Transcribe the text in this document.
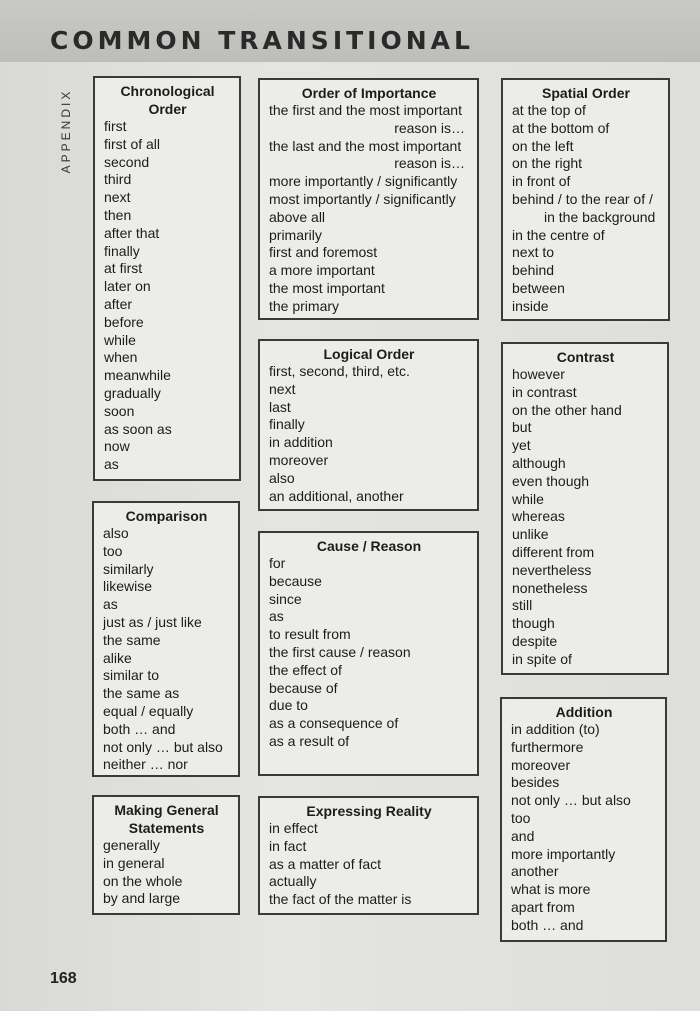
COMMON TRANSITIONAL
APPENDIX	Chronological Order
first
first of all
second
third
next
then
after that
finally
at first
later on
after
before
while
when
meanwhile
gradually
soon
as soon as
now
as
Comparison
also
too
similarly
likewise
as
just as / just like
the same
alike
similar to
the same as
equal / equally
both … and
not only … but also
neither … nor
Making General Statements
generally
in general
on the whole
by and large
Order of Importance
the first and the most important
reason is…
the last and the most important
reason is…
more importantly / significantly
most importantly / significantly
above all
primarily
first and foremost
a more important
the most important
the primary
Logical Order
first, second, third, etc.
next
last
finally
in addition
moreover
also
an additional, another
Cause / Reason
for
because
since
as
to result from
the first cause / reason
the effect of
because of
due to
as a consequence of
as a result of
Expressing Reality
in effect
in fact
as a matter of fact
actually
the fact of the matter is
Spatial Order
at the top of
at the bottom of
on the left
on the right
in front of
behind / to the rear of /
in the background
in the centre of
next to
behind
between
inside
Contrast
however
in contrast
on the other hand
but
yet
although
even though
while
whereas
unlike
different from
nevertheless
nonetheless
still
though
despite
in spite of
Addition
in addition (to)
furthermore
moreover
besides
not only … but also
too
and
more importantly
another
what is more
apart from
both … and
168
